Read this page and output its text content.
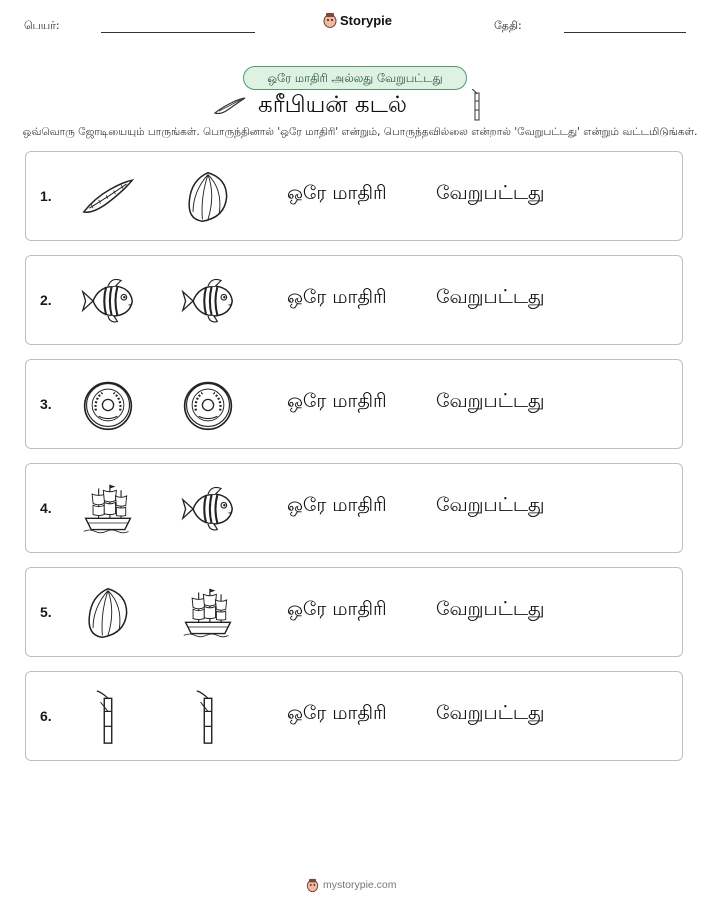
பெயர்:	Storypie	தேதி:
ஒரே மாதிரி அல்லது வேறுபட்டது
கரீபியன் கடல்
ஒவ்வொரு ஜோடியையும் பாருங்கள். பொருந்தினால் 'ஒரே மாதிரி' என்றும், பொருந்தவில்லை என்றால் 'வேறுபட்டது' என்றும் வட்டமிடுங்கள்.
1.	ஒரே மாதிரி	வேறுபட்டது
2.	ஒரே மாதிரி	வேறுபட்டது
3.	ஒரே மாதிரி	வேறுபட்டது
4.	ஒரே மாதிரி	வேறுபட்டது
5.	ஒரே மாதிரி	வேறுபட்டது
6.	ஒரே மாதிரி	வேறுபட்டது
mystorypie.com
